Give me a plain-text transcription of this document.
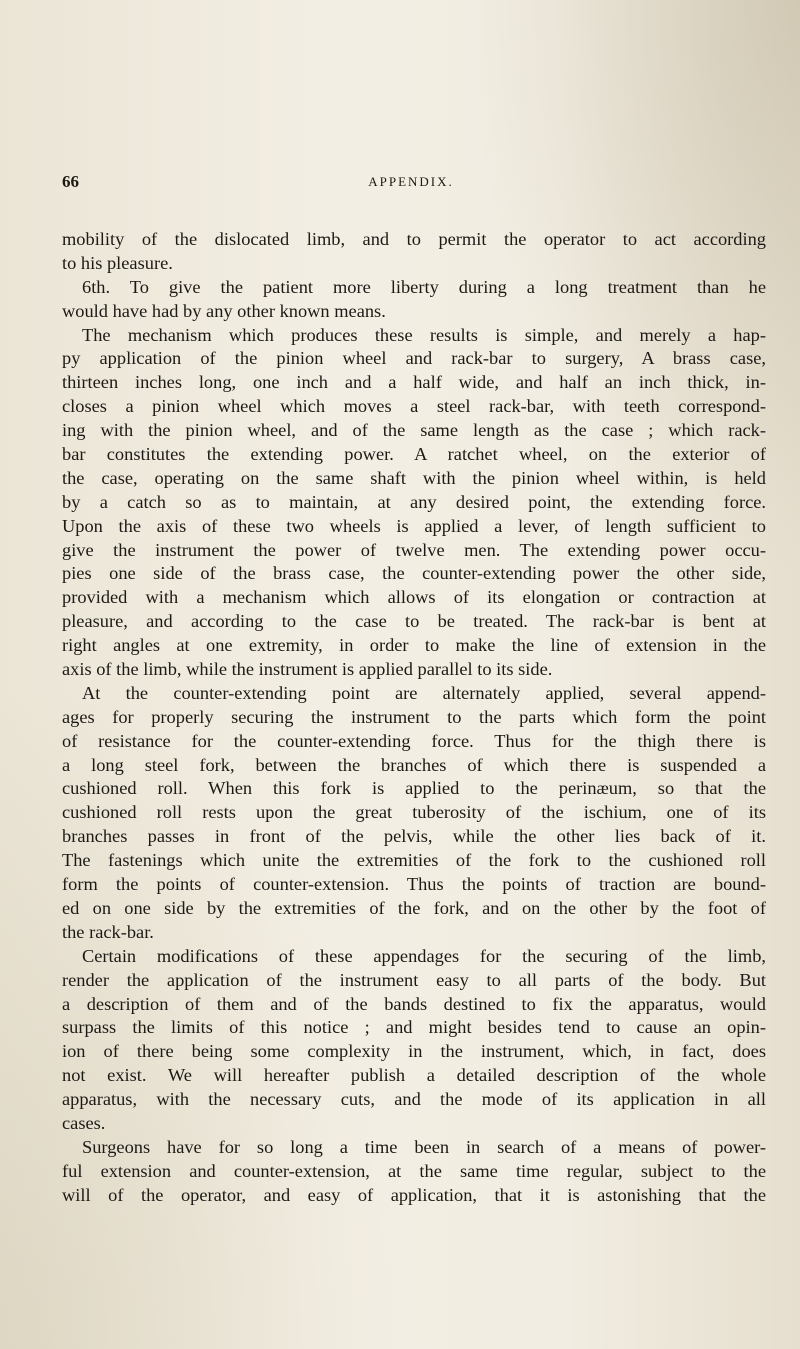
66	APPENDIX.
mobility of the dislocated limb, and to permit the operator to act according
to his pleasure.
6th. To give the patient more liberty during a long treatment than he
would have had by any other known means.
The mechanism which produces these results is simple, and merely a hap-
py application of the pinion wheel and rack-bar to surgery, A brass case,
thirteen inches long, one inch and a half wide, and half an inch thick, in-
closes a pinion wheel which moves a steel rack-bar, with teeth correspond-
ing with the pinion wheel, and of the same length as the case ; which rack-
bar constitutes the extending power. A ratchet wheel, on the exterior of
the case, operating on the same shaft with the pinion wheel within, is held
by a catch so as to maintain, at any desired point, the extending force.
Upon the axis of these two wheels is applied a lever, of length sufficient to
give the instrument the power of twelve men. The extending power occu-
pies one side of the brass case, the counter-extending power the other side,
provided with a mechanism which allows of its elongation or contraction at
pleasure, and according to the case to be treated. The rack-bar is bent at
right angles at one extremity, in order to make the line of extension in the
axis of the limb, while the instrument is applied parallel to its side.
At the counter-extending point are alternately applied, several append-
ages for properly securing the instrument to the parts which form the point
of resistance for the counter-extending force. Thus for the thigh there is
a long steel fork, between the branches of which there is suspended a
cushioned roll. When this fork is applied to the perinæum, so that the
cushioned roll rests upon the great tuberosity of the ischium, one of its
branches passes in front of the pelvis, while the other lies back of it.
The fastenings which unite the extremities of the fork to the cushioned roll
form the points of counter-extension. Thus the points of traction are bound-
ed on one side by the extremities of the fork, and on the other by the foot of
the rack-bar.
Certain modifications of these appendages for the securing of the limb,
render the application of the instrument easy to all parts of the body. But
a description of them and of the bands destined to fix the apparatus, would
surpass the limits of this notice ; and might besides tend to cause an opin-
ion of there being some complexity in the instrument, which, in fact, does
not exist. We will hereafter publish a detailed description of the whole
apparatus, with the necessary cuts, and the mode of its application in all
cases.
Surgeons have for so long a time been in search of a means of power-
ful extension and counter-extension, at the same time regular, subject to the
will of the operator, and easy of application, that it is astonishing that the
